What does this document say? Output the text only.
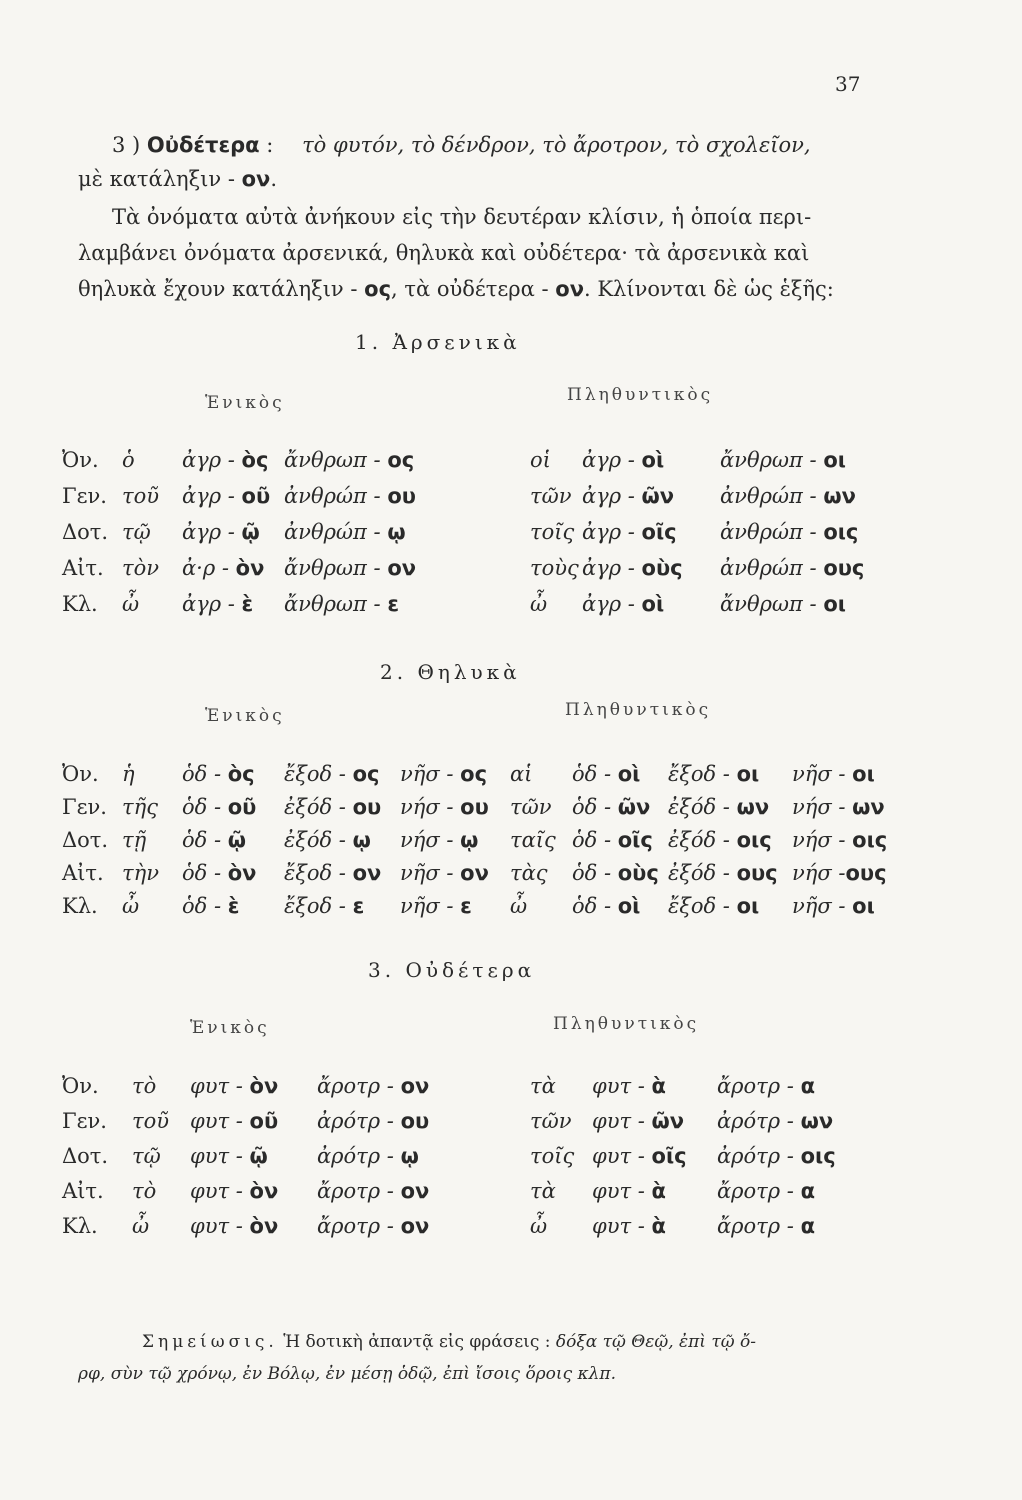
37
3 ) Οὐδέτερα : τὸ φυτόν, τὸ δένδρον, τὸ ἄροτρον, τὸ σχολεῖον,
μὲ κατάληξιν - ον.
Τὰ ὀνόματα αὐτὰ ἀνήκουν εἰς τὴν δευτέραν κλίσιν, ἡ ὁποία περι-
λαμβάνει ὀνόματα ἀρσενικά, θηλυκὰ καὶ οὐδέτερα· τὰ ἀρσενικὰ καὶ
θηλυκὰ ἔχουν κατάληξιν - ος, τὰ οὐδέτερα - ον. Κλίνονται δὲ ὡς ἑξῆς:
1. Ἀρσενικὰ
Ἑνικὸς	Πληθυντικὸς
Ὀν. ὁ ἀγρ - ὸς ἄνθρωπ - ος	οἱ ἀγρ - οὶ	ἄνθρωπ - οι
Γεν. τοῦ ἀγρ - οῦ ἀνθρώπ - ου	τῶν ἀγρ - ῶν ἀνθρώπ - ων
Δοτ. τῷ ἀγρ - ῷ ἀνθρώπ - ῳ	τοῖς ἀγρ - οῖς ἀνθρώπ - οις
Αἰτ. τὸν ἀ·ρ - ὸν ἄνθρωπ - ον	τοὺς ἀγρ - οὺς ἀνθρώπ - ους
Κλ. ὦ ἀγρ - ὲ ἄνθρωπ - ε	ὦ ἀγρ - οὶ	ἄνθρωπ - οι
2. Θηλυκὰ
Ἑνικὸς	Πληθυντικὸς
Ὀν. ἡ ὁδ - ὸς ἔξοδ - ος νῆσ - ος αἱ ὁδ - οὶ ἔξοδ - οι νῆσ - οι
Γεν. τῆς ὁδ - οῦ ἐξόδ - ου νήσ - ου τῶν ὁδ - ῶν ἐξόδ - ων νήσ - ων
Δοτ. τῇ ὁδ - ῷ ἐξόδ - ῳ νήσ - ῳ ταῖς ὁδ - οῖς ἐξόδ - οις νήσ - οις
Αἰτ. τὴν ὁδ - ὸν ἔξοδ - ον νῆσ - ον τὰς ὁδ - οὺς ἐξόδ - ους νήσ -ους
Κλ. ὦ ὁδ - ὲ ἔξοδ - ε νῆσ - ε ὦ ὁδ - οὶ ἔξοδ - οι νῆσ - οι
3. Οὐδέτερα
Ἑνικὸς	Πληθυντικὸς
Ὀν. τὸ φυτ - ὸν ἄροτρ - ον	τὰ φυτ - ὰ ἄροτρ - α
Γεν. τοῦ φυτ - οῦ ἀρότρ - ου	τῶν φυτ - ῶν ἀρότρ - ων
Δοτ. τῷ φυτ - ῷ ἀρότρ - ῳ	τοῖς φυτ - οῖς ἀρότρ - οις
Αἰτ. τὸ φυτ - ὸν ἄροτρ - ον	τὰ φυτ - ὰ ἄροτρ - α
Κλ. ὦ φυτ - ὸν ἄροτρ - ον	ὦ φυτ - ὰ ἄροτρ - α
Σημείωσις. Ἡ δοτικὴ ἀπαντᾷ εἰς φράσεις : δόξα τῷ Θεῷ, ἐπὶ τῷ ὄ-
ρφ, σὺν τῷ χρόνῳ, ἐν Βόλῳ, ἐν μέσῃ ὁδῷ, ἐπὶ ἴσοις ὅροις κλπ.
